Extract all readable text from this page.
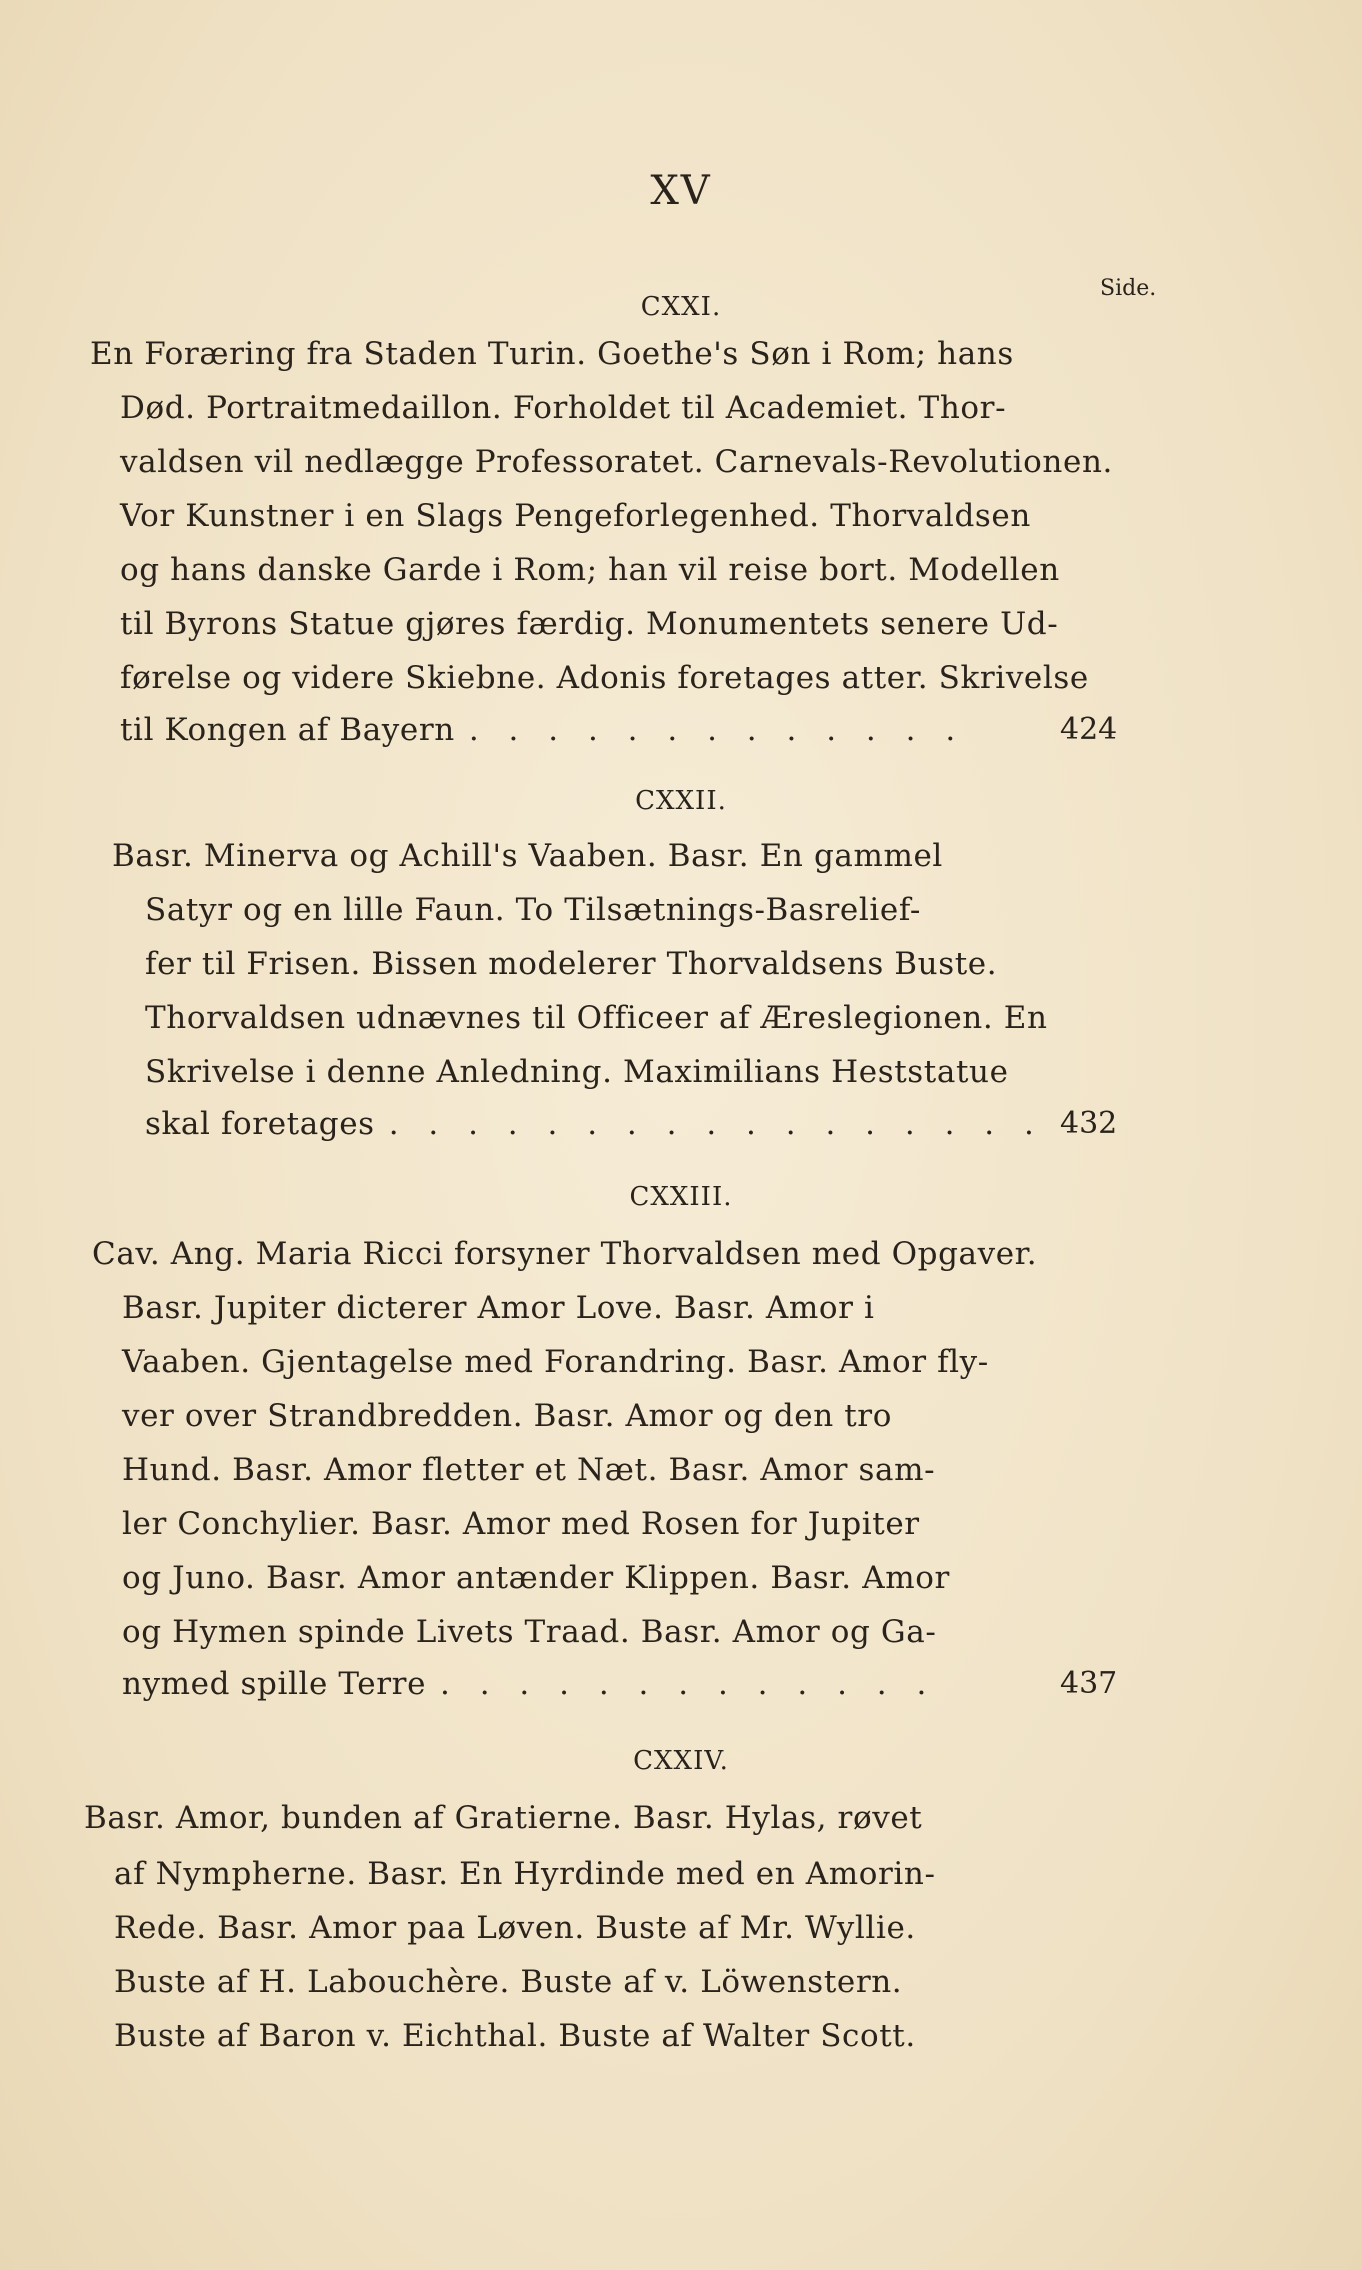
XV
Side.
CXXI.
En Foræring fra Staden Turin. Goethe's Søn i Rom; hans
Død. Portraitmedaillon. Forholdet til Academiet. Thor-
valdsen vil nedlægge Professoratet. Carnevals-Revolutionen.
Vor Kunstner i en Slags Pengeforlegenhed. Thorvaldsen
og hans danske Garde i Rom; han vil reise bort. Modellen
til Byrons Statue gjøres færdig. Monumentets senere Ud-
førelse og videre Skiebne. Adonis foretages atter. Skrivelse
til Kongen af Bayern . . . . . . . . . . . . .	424
CXXII.
Basr. Minerva og Achill's Vaaben. Basr. En gammel
Satyr og en lille Faun. To Tilsætnings-Basrelief-
fer til Frisen. Bissen modelerer Thorvaldsens Buste.
Thorvaldsen udnævnes til Officeer af Æreslegionen. En
Skrivelse i denne Anledning. Maximilians Heststatue
skal foretages . . . . . . . . . . . . . . . . . 432
CXXIII.
Cav. Ang. Maria Ricci forsyner Thorvaldsen med Opgaver.
Basr. Jupiter dicterer Amor Love. Basr. Amor i
Vaaben. Gjentagelse med Forandring. Basr. Amor fly-
ver over Strandbredden. Basr. Amor og den tro
Hund. Basr. Amor fletter et Næt. Basr. Amor sam-
ler Conchylier. Basr. Amor med Rosen for Jupiter
og Juno. Basr. Amor antænder Klippen. Basr. Amor
og Hymen spinde Livets Traad. Basr. Amor og Ga-
nymed spille Terre . . . . . . . . . . . . .	437
CXXIV.
Basr. Amor, bunden af Gratierne. Basr. Hylas, røvet
af Nympherne. Basr. En Hyrdinde med en Amorin-
Rede. Basr. Amor paa Løven. Buste af Mr. Wyllie.
Buste af H. Labouchère. Buste af v. Löwenstern.
Buste af Baron v. Eichthal. Buste af Walter Scott.
